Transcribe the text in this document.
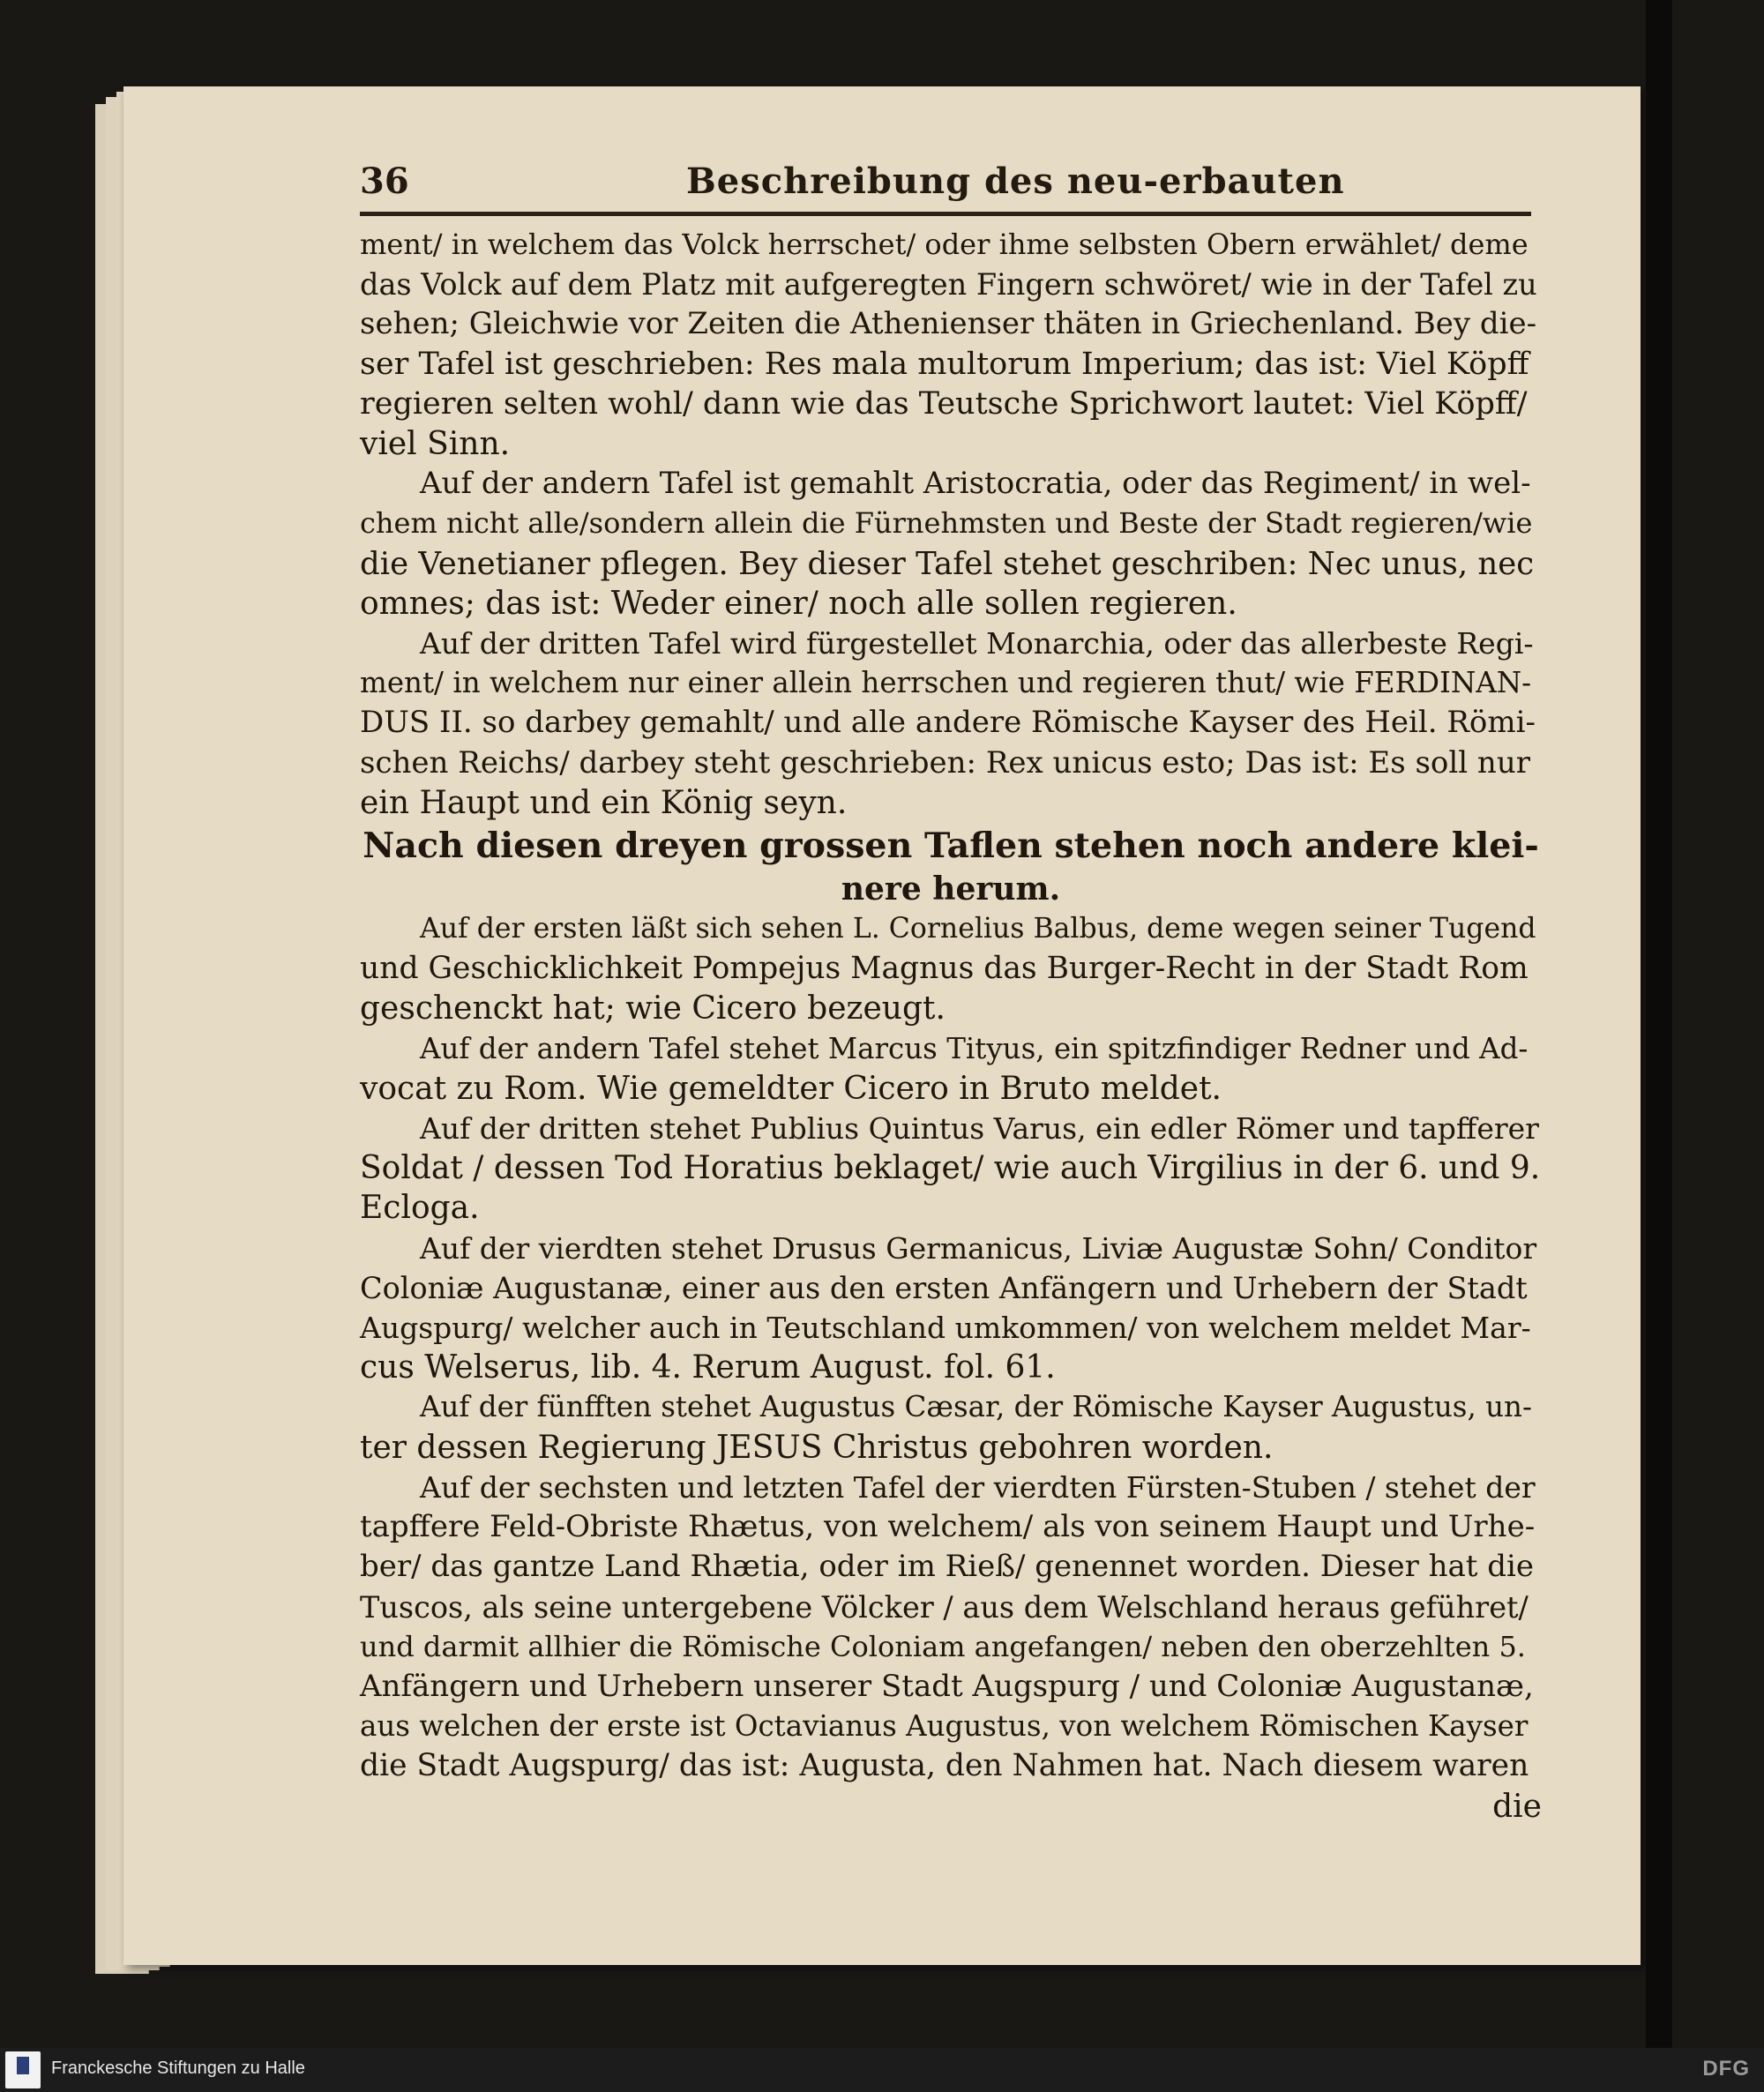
36	Beschreibung des neu-erbauten
ment/ in welchem das Volck herrschet/ oder ihme selbsten Obern erwählet/ deme
das Volck auf dem Platz mit aufgeregten Fingern schwöret/ wie in der Tafel zu
sehen; Gleichwie vor Zeiten die Athenienser thäten in Griechenland. Bey die-
ser Tafel ist geschrieben: Res mala multorum Imperium; das ist: Viel Köpff
regieren selten wohl/ dann wie das Teutsche Sprichwort lautet: Viel Köpff/
viel Sinn.
Auf der andern Tafel ist gemahlt Aristocratia, oder das Regiment/ in wel-
chem nicht alle/sondern allein die Fürnehmsten und Beste der Stadt regieren/wie
die Venetianer pflegen. Bey dieser Tafel stehet geschriben: Nec unus, nec
omnes; das ist: Weder einer/ noch alle sollen regieren.
Auf der dritten Tafel wird fürgestellet Monarchia, oder das allerbeste Regi-
ment/ in welchem nur einer allein herrschen und regieren thut/ wie FERDINAN-
DUS II. so darbey gemahlt/ und alle andere Römische Kayser des Heil. Römi-
schen Reichs/ darbey steht geschrieben: Rex unicus esto; Das ist: Es soll nur
ein Haupt und ein König seyn.
Nach diesen dreyen grossen Taflen stehen noch andere klei-
nere herum.
Auf der ersten läßt sich sehen L. Cornelius Balbus, deme wegen seiner Tugend
und Geschicklichkeit Pompejus Magnus das Burger-Recht in der Stadt Rom
geschenckt hat; wie Cicero bezeugt.
Auf der andern Tafel stehet Marcus Tityus, ein spitzfindiger Redner und Ad-
vocat zu Rom. Wie gemeldter Cicero in Bruto meldet.
Auf der dritten stehet Publius Quintus Varus, ein edler Römer und tapfferer
Soldat / dessen Tod Horatius beklaget/ wie auch Virgilius in der 6. und 9.
Ecloga.
Auf der vierdten stehet Drusus Germanicus, Liviæ Augustæ Sohn/ Conditor
Coloniæ Augustanæ, einer aus den ersten Anfängern und Urhebern der Stadt
Augspurg/ welcher auch in Teutschland umkommen/ von welchem meldet Mar-
cus Welserus, lib. 4. Rerum August. fol. 61.
Auf der fünfften stehet Augustus Cæsar, der Römische Kayser Augustus, un-
ter dessen Regierung JESUS Christus gebohren worden.
Auf der sechsten und letzten Tafel der vierdten Fürsten-Stuben / stehet der
tapffere Feld-Obriste Rhætus, von welchem/ als von seinem Haupt und Urhe-
ber/ das gantze Land Rhætia, oder im Rieß/ genennet worden. Dieser hat die
Tuscos, als seine untergebene Völcker / aus dem Welschland heraus geführet/
und darmit allhier die Römische Coloniam angefangen/ neben den oberzehlten 5.
Anfängern und Urhebern unserer Stadt Augspurg / und Coloniæ Augustanæ,
aus welchen der erste ist Octavianus Augustus, von welchem Römischen Kayser
die Stadt Augspurg/ das ist: Augusta, den Nahmen hat. Nach diesem waren
die
Franckesche Stiftungen zu Halle	DFG
